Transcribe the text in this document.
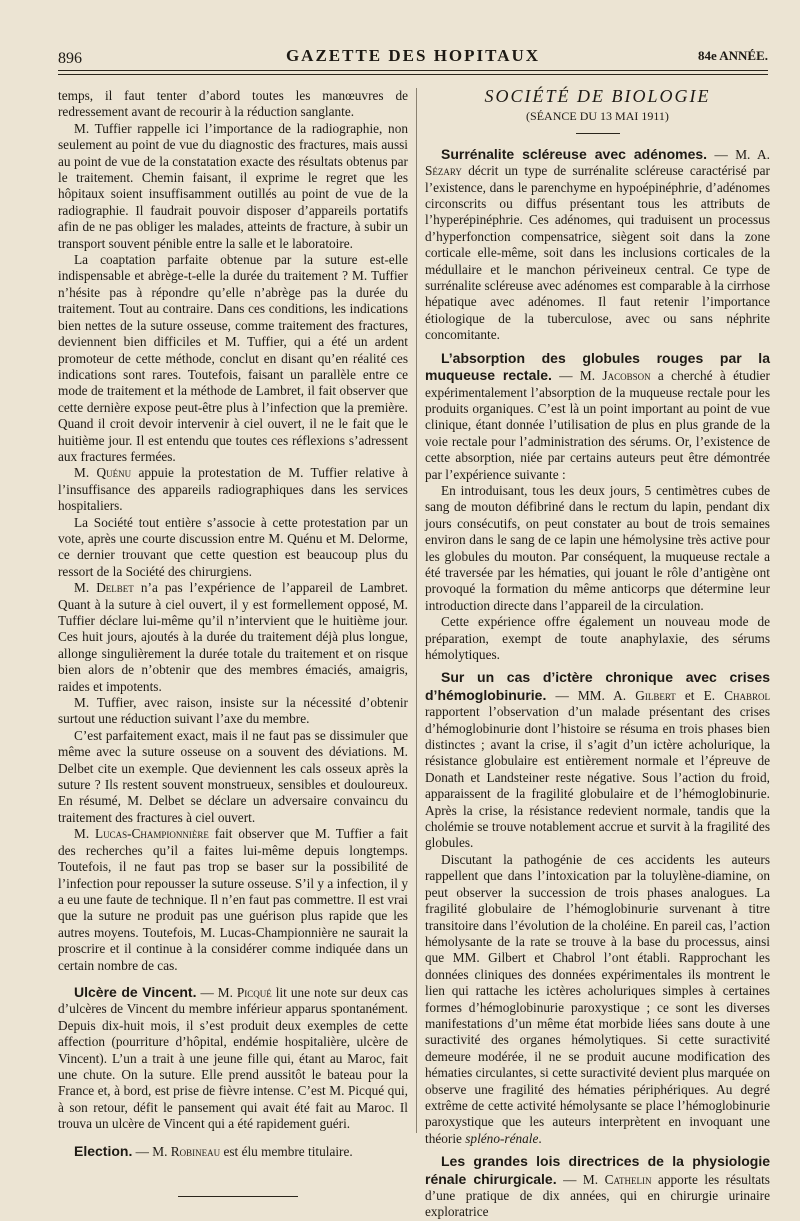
896	GAZETTE DES HOPITAUX	84e ANNÉE.

temps, il faut tenter d’abord toutes les manœuvres de redressement avant de recourir à la réduction sanglante.

M. Tuffier rappelle ici l’importance de la radiographie, non seulement au point de vue du diagnostic des fractures, mais aussi au point de vue de la constatation exacte des résultats obtenus par le traitement. Chemin faisant, il exprime le regret que les hôpitaux soient insuffisamment outillés au point de vue de la radiographie. Il faudrait pouvoir disposer d’appareils portatifs afin de ne pas obliger les malades, atteints de fracture, à subir un transport souvent pénible entre la salle et le laboratoire.

La coaptation parfaite obtenue par la suture est-elle indispensable et abrège-t-elle la durée du traitement ? M. Tuffier n’hésite pas à répondre qu’elle n’abrège pas la durée du traitement. Tout au contraire. Dans ces conditions, les indications bien nettes de la suture osseuse, comme traitement des fractures, deviennent bien difficiles et M. Tuffier, qui a été un ardent promoteur de cette méthode, conclut en disant qu’en réalité ces indications sont rares. Toutefois, faisant un parallèle entre ce mode de traitement et la méthode de Lambret, il fait observer que cette dernière expose peut-être plus à l’infection que la première. Quand il croit devoir intervenir à ciel ouvert, il ne le fait que le huitième jour. Il est entendu que toutes ces réflexions s’adressent aux fractures fermées.

M. Quénu appuie la protestation de M. Tuffier relative à l’insuffisance des appareils radiographiques dans les services hospitaliers.

La Société tout entière s’associe à cette protestation par un vote, après une courte discussion entre M. Quénu et M. Delorme, ce dernier trouvant que cette question est beaucoup plus du ressort de la Société des chirurgiens.

M. Delbet n’a pas l’expérience de l’appareil de Lambret. Quant à la suture à ciel ouvert, il y est formellement opposé, M. Tuffier déclare lui-même qu’il n’intervient que le huitième jour. Ces huit jours, ajoutés à la durée du traitement déjà plus longue, allonge singulièrement la durée totale du traitement et on risque bien alors de n’obtenir que des membres émaciés, amaigris, raides et impotents.

M. Tuffier, avec raison, insiste sur la nécessité d’obtenir surtout une réduction suivant l’axe du membre.

C’est parfaitement exact, mais il ne faut pas se dissimuler que même avec la suture osseuse on a souvent des déviations. M. Delbet cite un exemple. Que deviennent les cals osseux après la suture ? Ils restent souvent monstrueux, sensibles et douloureux. En résumé, M. Delbet se déclare un adversaire convaincu du traitement des fractures à ciel ouvert.

M. Lucas-Championnière fait observer que M. Tuffier a fait des recherches qu’il a faites lui-même depuis longtemps. Toutefois, il ne faut pas trop se baser sur la possibilité de l’infection pour repousser la suture osseuse. S’il y a infection, il y a eu une faute de technique. Il n’en faut pas commettre. Il est vrai que la suture ne produit pas une guérison plus rapide que les autres moyens. Toutefois, M. Lucas-Championnière ne saurait la proscrire et il continue à la considérer comme indiquée dans un certain nombre de cas.

Ulcère de Vincent. — M. Picqué lit une note sur deux cas d’ulcères de Vincent du membre inférieur apparus spontanément. Depuis dix-huit mois, il s’est produit deux exemples de cette affection (pourriture d’hôpital, endémie hospitalière, ulcère de Vincent). L’un a trait à une jeune fille qui, étant au Maroc, fait une chute. On la suture. Elle prend aussitôt le bateau pour la France et, à bord, est prise de fièvre intense. C’est M. Picqué qui, à son retour, défit le pansement qui avait été fait au Maroc. Il trouva un ulcère de Vincent qui a été rapidement guéri.

Election. — M. Robineau est élu membre titulaire.

SOCIÉTÉ DE BIOLOGIE
(SÉANCE DU 13 MAI 1911)

Surrénalite scléreuse avec adénomes. — M. A. Sézary décrit un type de surrénalite scléreuse caractérisé par l’existence, dans le parenchyme en hypoépinéphrie, d’adénomes circonscrits ou diffus présentant tous les attributs de l’hyperépinéphrie. Ces adénomes, qui traduisent un processus d’hyperfonction compensatrice, siègent soit dans la zone corticale elle-même, soit dans les inclusions corticales de la médullaire et le manchon périveineux central. Ce type de surrénalite scléreuse avec adénomes est comparable à la cirrhose hépatique avec adénomes. Il faut retenir l’importance étiologique de la tuberculose, avec ou sans néphrite concomitante.

L’absorption des globules rouges par la muqueuse rectale. — M. Jacobson a cherché à étudier expérimentalement l’absorption de la muqueuse rectale pour les produits organiques. C’est là un point important au point de vue clinique, étant donnée l’utilisation de plus en plus grande de la voie rectale pour l’administration des sérums. Or, l’existence de cette absorption, niée par certains auteurs peut être démontrée par l’expérience suivante :

En introduisant, tous les deux jours, 5 centimètres cubes de sang de mouton défibriné dans le rectum du lapin, pendant dix jours consécutifs, on peut constater au bout de trois semaines environ dans le sang de ce lapin une hémolysine très active pour les globules du mouton. Par conséquent, la muqueuse rectale a été traversée par les hématies, qui jouant le rôle d’antigène ont provoqué la formation du même anticorps que détermine leur introduction directe dans l’appareil de la circulation.

Cette expérience offre également un nouveau mode de préparation, exempt de toute anaphylaxie, des sérums hémolytiques.

Sur un cas d’ictère chronique avec crises d’hémoglobinurie. — MM. A. Gilbert et E. Chabrol rapportent l’observation d’un malade présentant des crises d’hémoglobinurie dont l’histoire se résuma en trois phases bien distinctes ; avant la crise, il s’agit d’un ictère acholurique, la résistance globulaire est entièrement normale et l’épreuve de Donath et Landsteiner reste négative. Sous l’action du froid, apparaissent de la fragilité globulaire et de l’hémoglobinurie. Après la crise, la résistance redevient normale, tandis que la cholémie se trouve notablement accrue et survit à la fragilité des globules.

Discutant la pathogénie de ces accidents les auteurs rappellent que dans l’intoxication par la toluylène-diamine, on peut observer la succession de trois phases analogues. La fragilité globulaire de l’hémoglobinurie survenant à titre transitoire dans l’évolution de la choléine. En pareil cas, l’action hémolysante de la rate se trouve à la base du processus, ainsi que MM. Gilbert et Chabrol l’ont établi. Rapprochant les données cliniques des données expérimentales ils montrent le lien qui rattache les ictères acholuriques simples à certaines formes d’hémoglobinurie paroxystique ; ce sont les diverses manifestations d’un même état morbide liées sans doute à une suractivité des organes hémolytiques. Si cette suractivité demeure modérée, il ne se produit aucune modification des hématies circulantes, si cette suractivité devient plus marquée on observe une fragilité des hématies périphériques. Au degré extrême de cette activité hémolysante se place l’hémoglobinurie paroxystique que les auteurs interprètent en invoquant une théorie spléno-rénale.

Les grandes lois directrices de la physiologie rénale chirurgicale. — M. Cathelin apporte les résultats d’une pratique de dix années, qui en chirurgie urinaire exploratrice
